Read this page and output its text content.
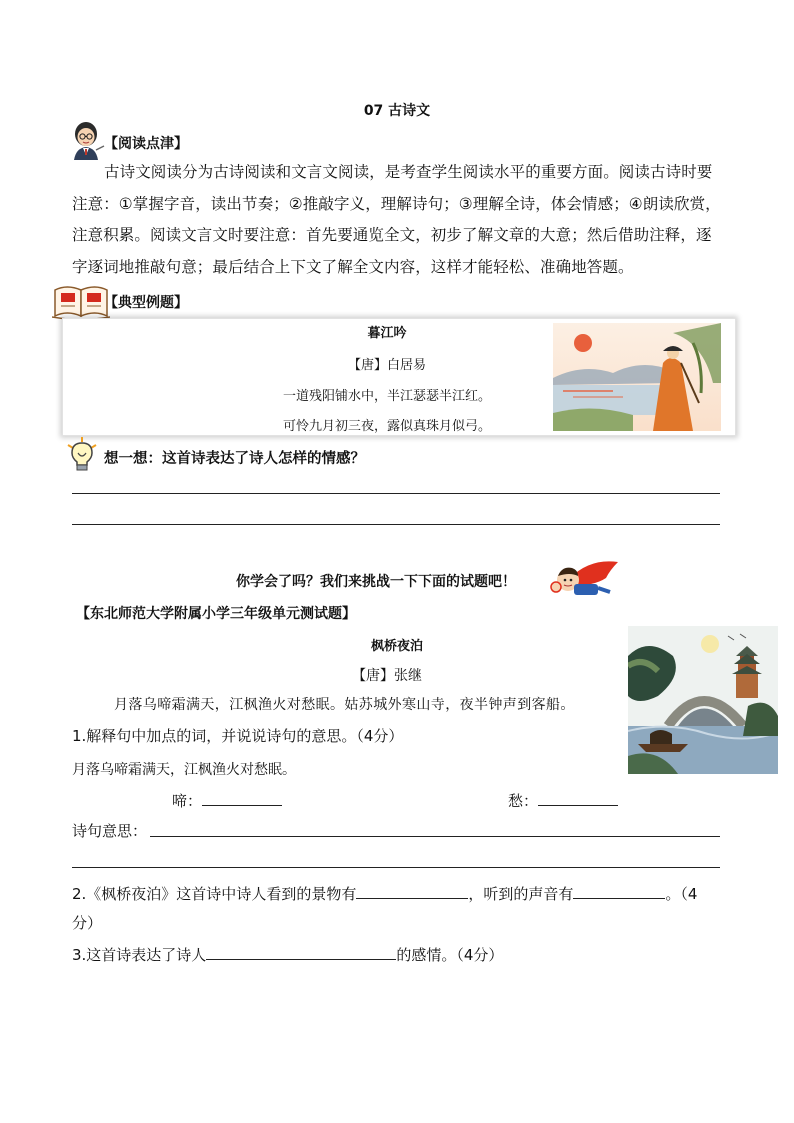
07 古诗文
【阅读点津】
古诗文阅读分为古诗阅读和文言文阅读，是考查学生阅读水平的重要方面。阅读古诗时要
注意：①掌握字音，读出节奏；②推敲字义，理解诗句；③理解全诗，体会情感；④朗读欣赏，
注意积累。阅读文言文时要注意：首先要通览全文，初步了解文章的大意；然后借助注释，逐
字逐词地推敲句意；最后结合上下文了解全文内容，这样才能轻松、准确地答题。
【典型例题】
暮江吟
【唐】白居易
一道残阳铺水中，半江瑟瑟半江红。
可怜九月初三夜，露似真珠月似弓。
想一想：这首诗表达了诗人怎样的情感？
你学会了吗？我们来挑战一下下面的试题吧！
【东北师范大学附属小学三年级单元测试题】
枫桥夜泊
【唐】张继
月落乌啼霜满天，江枫渔火对愁眠。姑苏城外寒山寺，夜半钟声到客船。
1.解释句中加点的词，并说说诗句的意思。（4分）
月落乌啼霜满天，江枫渔火对愁眠。
啼：	愁：
诗句意思：
2.《枫桥夜泊》这首诗中诗人看到的景物有	，听到的声音有	。（4
分）
3.这首诗表达了诗人	的感情。（4分）
